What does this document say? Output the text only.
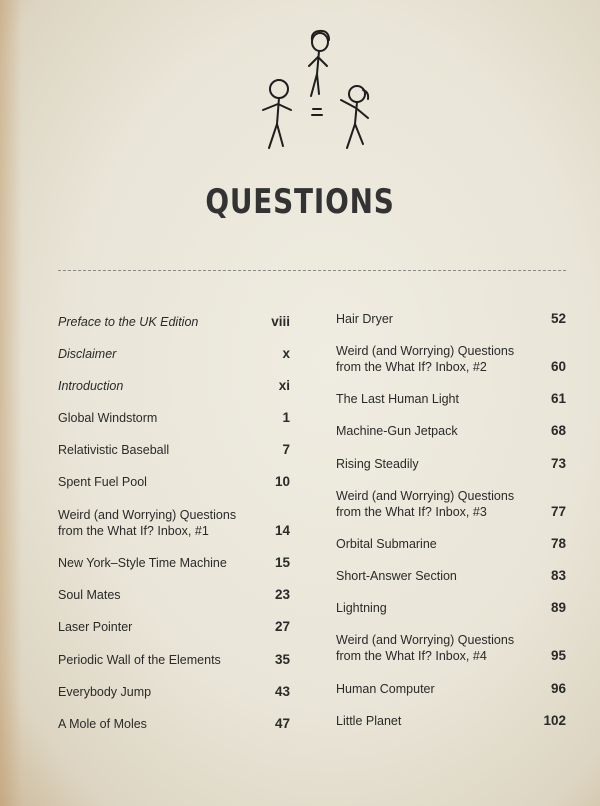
QUESTIONS
Preface to the UK Edition	viii
Disclaimer	x
Introduction	xi
Global Windstorm	1
Relativistic Baseball	7
Spent Fuel Pool	10
Weird (and Worrying) Questions from the What If? Inbox, #1	14
New York–Style Time Machine	15
Soul Mates	23
Laser Pointer	27
Periodic Wall of the Elements	35
Everybody Jump	43
A Mole of Moles	47
Hair Dryer	52
Weird (and Worrying) Questions from the What If? Inbox, #2	60
The Last Human Light	61
Machine-Gun Jetpack	68
Rising Steadily	73
Weird (and Worrying) Questions from the What If? Inbox, #3	77
Orbital Submarine	78
Short-Answer Section	83
Lightning	89
Weird (and Worrying) Questions from the What If? Inbox, #4	95
Human Computer	96
Little Planet	102
